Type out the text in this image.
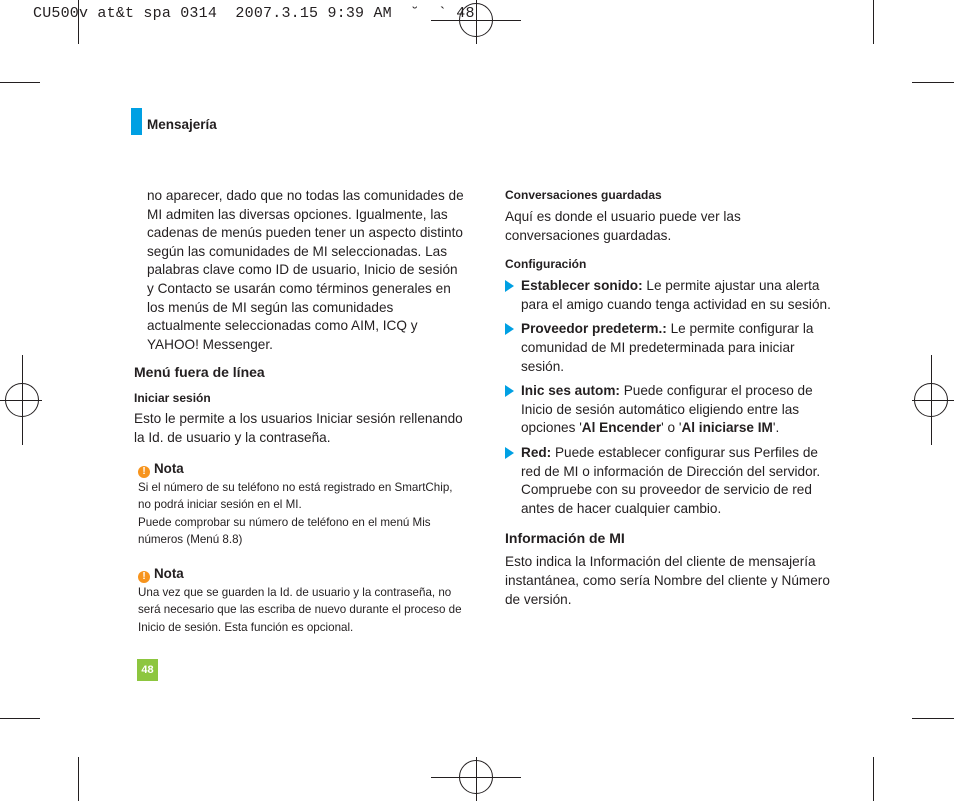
CU500v at&t spa 0314  2007.3.15 9:39 AM  ˘  ` 48
Mensajería

no aparecer, dado que no todas las comunidades de MI admiten las diversas opciones. Igualmente, las cadenas de menús pueden tener un aspecto distinto según las comunidades de MI seleccionadas. Las palabras clave como ID de usuario, Inicio de sesión y Contacto se usarán como términos generales en los menús de MI según las comunidades actualmente seleccionadas como AIM, ICQ y YAHOO! Messenger.

Menú fuera de línea
Iniciar sesión

Esto le permite a los usuarios Iniciar sesión rellenando la Id. de usuario y la contraseña.

! Nota
Si el número de su teléfono no está registrado en SmartChip, no podrá iniciar sesión en el MI.
Puede comprobar su número de teléfono en el menú Mis números (Menú 8.8)
! Nota
Una vez que se guarden la Id. de usuario y la contraseña, no será necesario que las escriba de nuevo durante el proceso de Inicio de sesión. Esta función es opcional.
Conversaciones guardadas

Aquí es donde el usuario puede ver las conversaciones guardadas.

Configuración
Establecer sonido: Le permite ajustar una alerta para el amigo cuando tenga actividad en su sesión.
Proveedor predeterm.: Le permite configurar la comunidad de MI predeterminada para iniciar sesión.
Inic ses autom: Puede configurar el proceso de Inicio de sesión automático eligiendo entre las opciones 'Al Encender' o 'Al iniciarse IM'.
Red: Puede establecer configurar sus Perfiles de red de MI o información de Dirección del servidor. Compruebe con su proveedor de servicio de red antes de hacer cualquier cambio.
Información de MI

Esto indica la Información del cliente de mensajería instantánea, como sería Nombre del cliente y Número de versión.

48
